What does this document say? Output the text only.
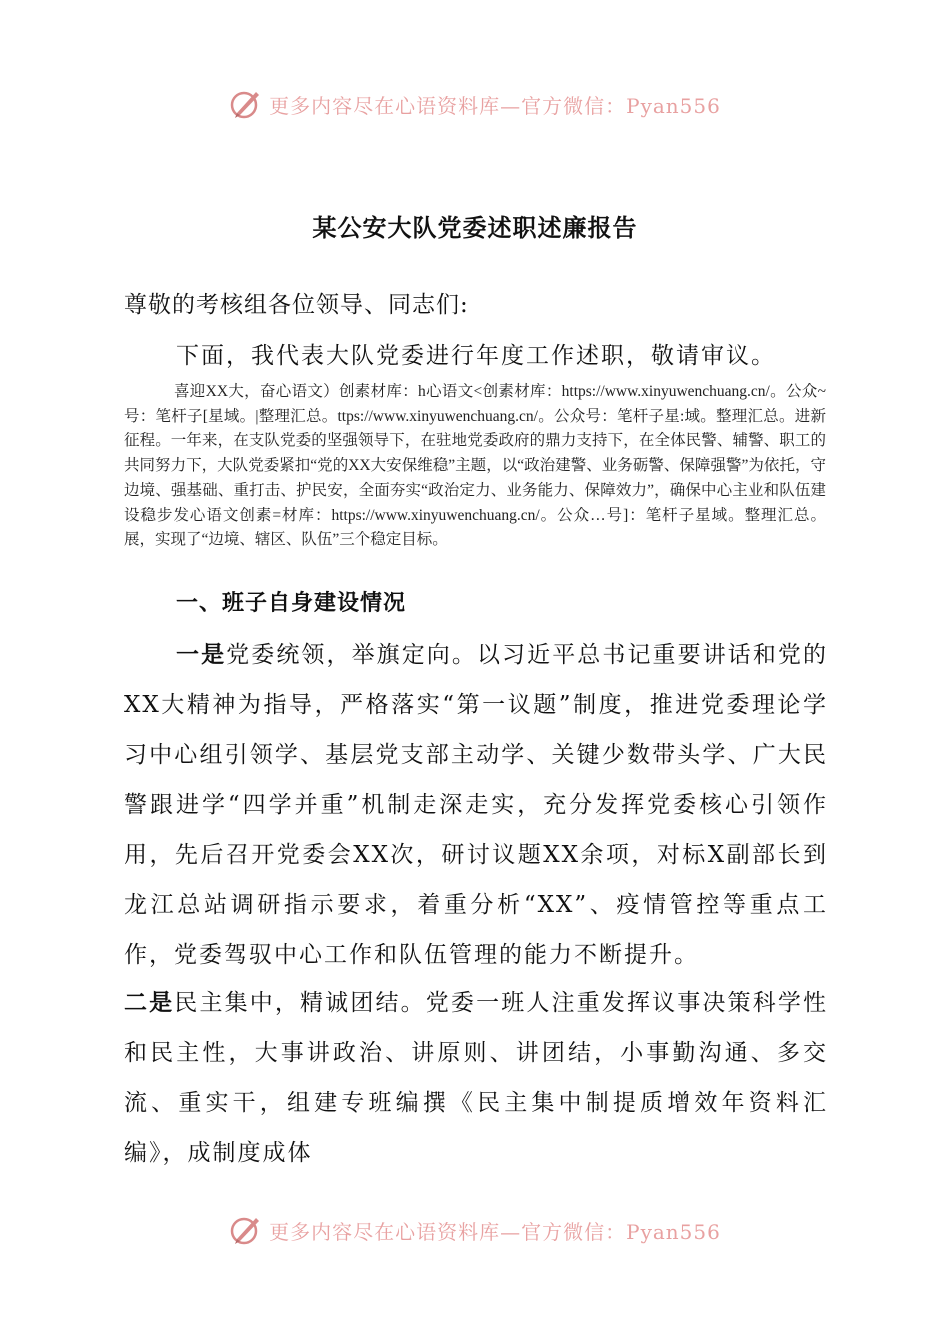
更多内容尽在心语资料库—官方微信：Pyan556
某公安大队党委述职述廉报告
尊敬的考核组各位领导、同志们:
下面，我代表大队党委进行年度工作述职，敬请审议。
喜迎XX大，奋心语文）创素材库：h心语文<创素材库：https://www.xinyuwenchuang.cn/。公众~号：笔杆子[星域。|整理汇总。ttps://www.xinyuwenchuang.cn/。公众号：笔杆子星:域。整理汇总。进新征程。一年来，在支队党委的坚强领导下，在驻地党委政府的鼎力支持下，在全体民警、辅警、职工的共同努力下，大队党委紧扣“党的XX大安保维稳”主题，以“政治建警、业务砺警、保障强警”为依托，守边境、强基础、重打击、护民安，全面夯实“政治定力、业务能力、保障效力”，确保中心主业和队伍建设稳步发心语文创素=材库：https://www.xinyuwenchuang.cn/。公众…号]：笔杆子星域。整理汇总。展，实现了“边境、辖区、队伍”三个稳定目标。
一、班子自身建设情况
一是党委统领，举旗定向。以习近平总书记重要讲话和党的XX大精神为指导，严格落实“第一议题”制度，推进党委理论学习中心组引领学、基层党支部主动学、关键少数带头学、广大民警跟进学“四学并重”机制走深走实，充分发挥党委核心引领作用，先后召开党委会XX次，研讨议题XX余项，对标X副部长到龙江总站调研指示要求，着重分析“XX”、疫情管控等重点工作，党委驾驭中心工作和队伍管理的能力不断提升。
二是民主集中，精诚团结。党委一班人注重发挥议事决策科学性和民主性，大事讲政治、讲原则、讲团结，小事勤沟通、多交流、重实干，组建专班编撰《民主集中制提质增效年资料汇编》，成制度成体
更多内容尽在心语资料库—官方微信：Pyan556
